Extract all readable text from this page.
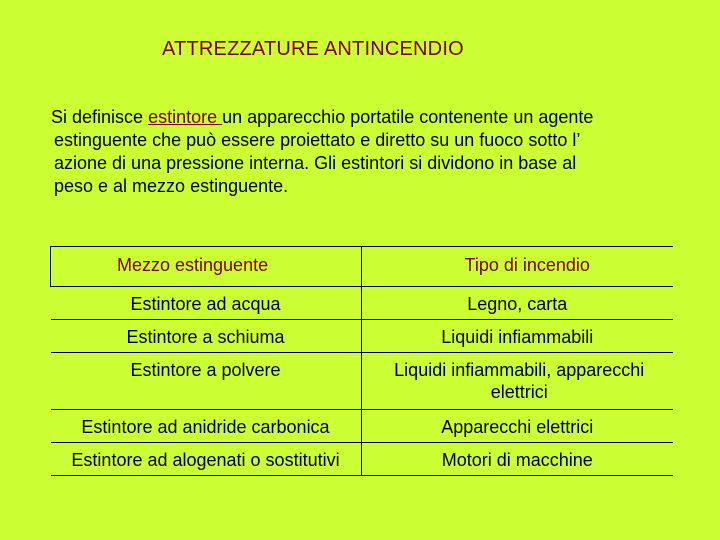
ATTREZZATURE ANTINCENDIO
Si definisce estintore un apparecchio portatile contenente un agente
estinguente che può essere proiettato e diretto su un fuoco sotto l’
azione di una pressione interna. Gli estintori si dividono in base al
peso e al mezzo estinguente.
Mezzo estinguente	Tipo di incendio
Estintore ad acqua	Legno, carta
Estintore a schiuma	Liquidi infiammabili
Estintore a polvere	Liquidi infiammabili, apparecchi elettrici
Estintore ad anidride carbonica	Apparecchi elettrici
Estintore ad alogenati o sostitutivi	Motori di macchine
